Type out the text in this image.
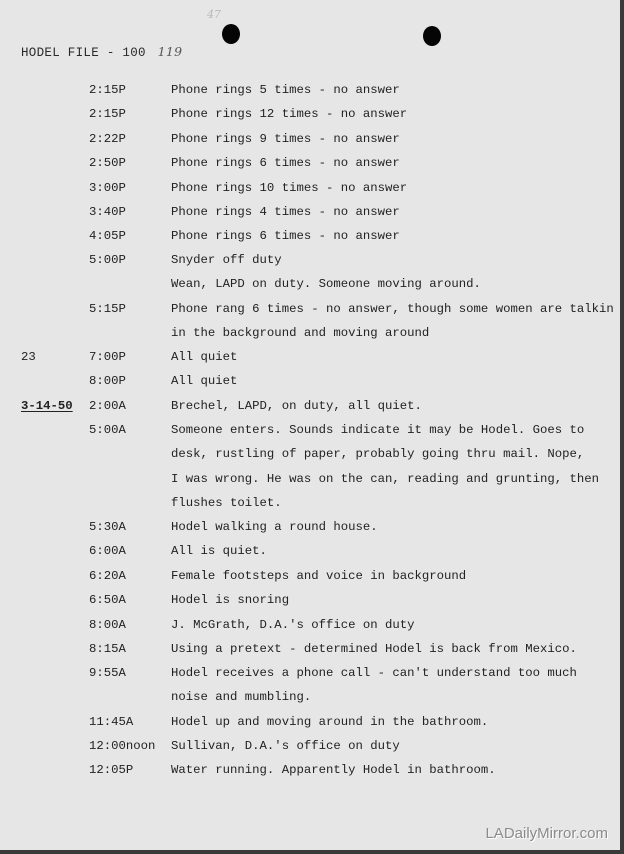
47
HODEL FILE - 100 119
2:15P	Phone rings 5 times - no answer
2:15P	Phone rings 12 times - no answer
2:22P	Phone rings 9 times - no answer
2:50P	Phone rings 6 times - no answer
3:00P	Phone rings 10 times - no answer
3:40P	Phone rings 4 times - no answer
4:05P	Phone rings 6 times - no answer
5:00P	Snyder off duty
Wean, LAPD on duty. Someone moving around.
5:15P	Phone rang 6 times - no answer, though some women are talkin
in the background and moving around
23	7:00P	All quiet
8:00P	All quiet
3-14-50 2:00A	Brechel, LAPD, on duty, all quiet.
5:00A	Someone enters. Sounds indicate it may be Hodel. Goes to
desk, rustling of paper, probably going thru mail. Nope,
I was wrong. He was on the can, reading and grunting, then
flushes toilet.
5:30A	Hodel walking a round house.
6:00A	All is quiet.
6:20A	Female footsteps and voice in background
6:50A	Hodel is snoring
8:00A	J. McGrath, D.A.'s office on duty
8:15A	Using a pretext - determined Hodel is back from Mexico.
9:55A	Hodel receives a phone call - can't understand too much
noise and mumbling.
11:45A	Hodel up and moving around in the bathroom.
12:00noon Sullivan, D.A.'s office on duty
12:05P	Water running. Apparently Hodel in bathroom.
LADailyMirror.com
